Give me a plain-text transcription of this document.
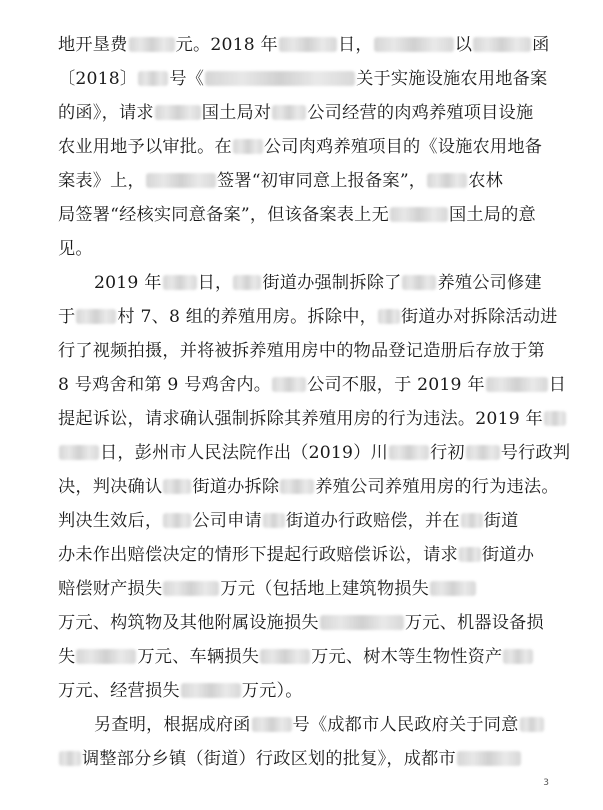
地开垦费	元。2018 年	日，	以	函
〔2018〕 号《	关于实施设施农用地备案
的函》，请求	国土局对 公司经营的肉鸡养殖项目设施
农业用地予以审批。在 公司肉鸡养殖项目的《设施农用地备
案表》上，	签署“初审同意上报备案”， 农林
局签署“经核实同意备案”，但该备案表上无	国土局的意
见。
2019 年 日， 街道办强制拆除了 养殖公司修建
于 村 7、8 组的养殖用房。拆除中， 街道办对拆除活动进
行了视频拍摄，并将被拆养殖用房中的物品登记造册后存放于第
8 号鸡舍和第 9 号鸡舍内。 公司不服，于 2019 年	日
提起诉讼，请求确认强制拆除其养殖用房的行为违法。2019 年
日，彭州市人民法院作出（2019）川 行初 号行政判
决，判决确认 街道办拆除 养殖公司养殖用房的行为违法。
判决生效后， 公司申请 街道办行政赔偿，并在 街道
办未作出赔偿决定的情形下提起行政赔偿诉讼，请求 街道办
赔偿财产损失	万元（包括地上建筑物损失
万元、构筑物及其他附属设施损失	万元、机器设备损
失	万元、车辆损失	万元、树木等生物性资产
万元、经营损失	万元）。
另查明，根据成府函 号《成都市人民政府关于同意
调整部分乡镇（街道）行政区划的批复》，成都市
3
